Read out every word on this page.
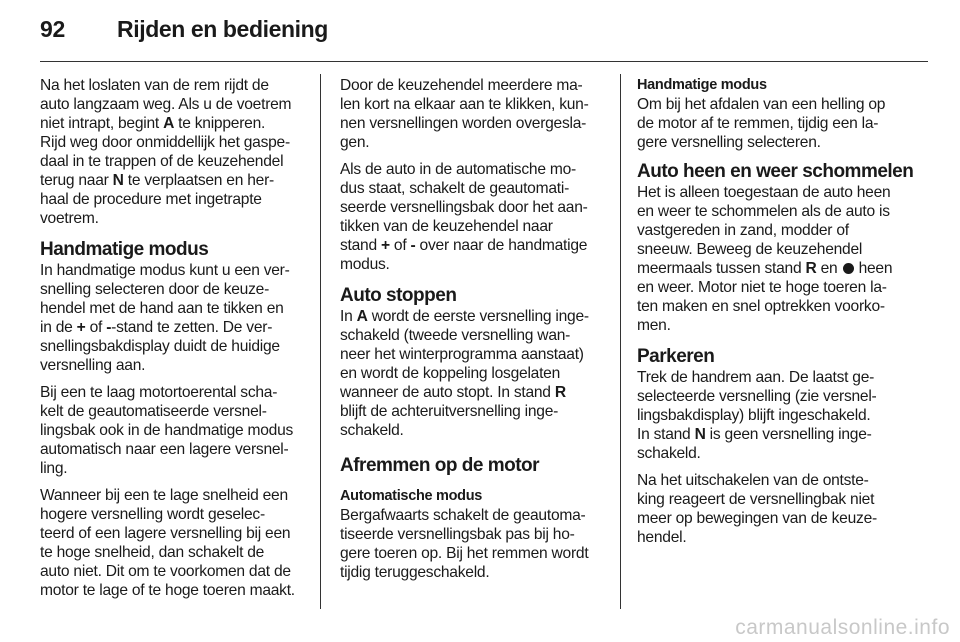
92 Rijden en bediening
Na het loslaten van de rem rijdt de
auto langzaam weg. Als u de voetrem
niet intrapt, begint A te knipperen.
Rijd weg door onmiddellijk het gaspe-
daal in te trappen of de keuzehendel
terug naar N te verplaatsen en her-
haal de procedure met ingetrapte
voetrem.
Handmatige modus
In handmatige modus kunt u een ver-
snelling selecteren door de keuze-
hendel met de hand aan te tikken en
in de + of --stand te zetten. De ver-
snellingsbakdisplay duidt de huidige
versnelling aan.
Bij een te laag motortoerental scha-
kelt de geautomatiseerde versnel-
lingsbak ook in de handmatige modus
automatisch naar een lagere versnel-
ling.
Wanneer bij een te lage snelheid een
hogere versnelling wordt geselec-
teerd of een lagere versnelling bij een
te hoge snelheid, dan schakelt de
auto niet. Dit om te voorkomen dat de
motor te lage of te hoge toeren maakt.
Door de keuzehendel meerdere ma-
len kort na elkaar aan te klikken, kun-
nen versnellingen worden overgesla-
gen.
Als de auto in de automatische mo-
dus staat, schakelt de geautomati-
seerde versnellingsbak door het aan-
tikken van de keuzehendel naar
stand + of - over naar de handmatige
modus.
Auto stoppen
In A wordt de eerste versnelling inge-
schakeld (tweede versnelling wan-
neer het winterprogramma aanstaat)
en wordt de koppeling losgelaten
wanneer de auto stopt. In stand R
blijft de achteruitversnelling inge-
schakeld.
Afremmen op de motor
Automatische modus
Bergafwaarts schakelt de geautoma-
tiseerde versnellingsbak pas bij ho-
gere toeren op. Bij het remmen wordt
tijdig teruggeschakeld.
Handmatige modus
Om bij het afdalen van een helling op
de motor af te remmen, tijdig een la-
gere versnelling selecteren.
Auto heen en weer schommelen
Het is alleen toegestaan de auto heen
en weer te schommelen als de auto is
vastgereden in zand, modder of
sneeuw. Beweeg de keuzehendel
meermaals tussen stand R en  heen
en weer. Motor niet te hoge toeren la-
ten maken en snel optrekken voorko-
men.
Parkeren
Trek de handrem aan. De laatst ge-
selecteerde versnelling (zie versnel-
lingsbakdisplay) blijft ingeschakeld.
In stand N is geen versnelling inge-
schakeld.
Na het uitschakelen van de ontste-
king reageert de versnellingbak niet
meer op bewegingen van de keuze-
hendel.
carmanualsonline.info
